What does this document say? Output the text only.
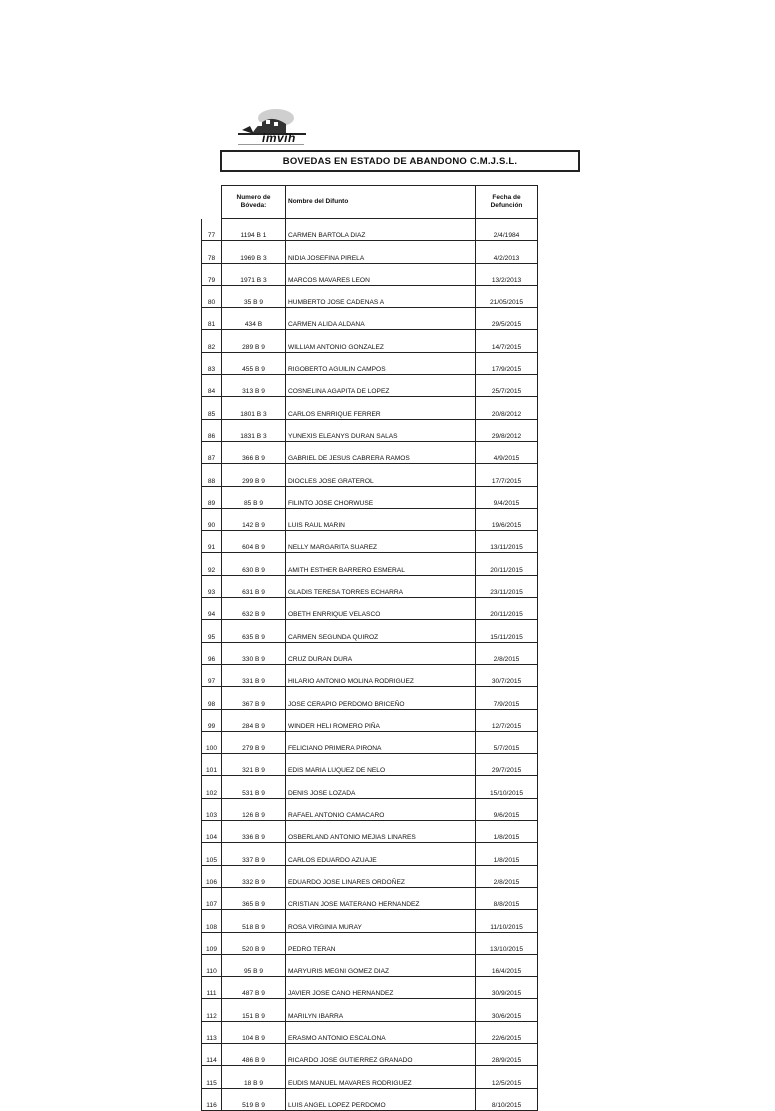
imvih
BOVEDAS EN ESTADO DE ABANDONO C.M.J.S.L.
	Numero de
Bóveda:	Nombre del Difunto	Fecha de
Defunción
77	1194 B 1	CARMEN BARTOLA DIAZ	2/4/1984
78	1969 B 3	NIDIA JOSEFINA PIRELA	4/2/2013
79	1971 B 3	MARCOS MAVARES LEON	13/2/2013
80	35 B 9	HUMBERTO JOSE CADENAS A	21/05/2015
81	434 B	CARMEN ALIDA ALDANA	29/5/2015
82	289 B 9	WILLIAM ANTONIO GONZALEZ	14/7/2015
83	455 B 9	RIGOBERTO AGUILIN CAMPOS	17/9/2015
84	313 B 9	COSNELINA AGAPITA DE LOPEZ	25/7/2015
85	1801 B 3	CARLOS ENRRIQUE FERRER	20/8/2012
86	1831 B 3	YUNEXIS ELEANYS DURAN SALAS	29/8/2012
87	366 B 9	GABRIEL DE JESUS CABRERA RAMOS	4/9/2015
88	299 B 9	DIOCLES JOSE GRATEROL	17/7/2015
89	85 B 9	FILINTO JOSE CHORWUSE	9/4/2015
90	142 B 9	LUIS RAUL MARIN	19/6/2015
91	604 B 9	NELLY MARGARITA SUAREZ	13/11/2015
92	630 B 9	AMITH ESTHER BARRERO ESMERAL	20/11/2015
93	631 B 9	GLADIS TERESA TORRES ECHARRA	23/11/2015
94	632 B 9	OBETH ENRRIQUE VELASCO	20/11/2015
95	635 B 9	CARMEN SEGUNDA QUIROZ	15/11/2015
96	330 B 9	CRUZ DURAN DURA	2/8/2015
97	331 B 9	HILARIO ANTONIO MOLINA RODRIGUEZ	30/7/2015
98	367 B 9	JOSE CERAPIO PERDOMO BRICEÑO	7/9/2015
99	284 B 9	WINDER HELI ROMERO PIÑA	12/7/2015
100	279 B 9	FELICIANO PRIMERA PIRONA	5/7/2015
101	321 B 9	EDIS MARIA LUQUEZ DE NELO	29/7/2015
102	531 B 9	DENIS JOSE LOZADA	15/10/2015
103	126 B 9	RAFAEL ANTONIO CAMACARO	9/6/2015
104	336 B 9	OSBERLAND ANTONIO MEJIAS LINARES	1/8/2015
105	337 B 9	CARLOS EDUARDO AZUAJE	1/8/2015
106	332 B 9	EDUARDO JOSE LINARES ORDOÑEZ	2/8/2015
107	365 B 9	CRISTIAN JOSE MATERANO HERNANDEZ	8/8/2015
108	518 B 9	ROSA VIRGINIA MURAY	11/10/2015
109	520 B 9	PEDRO TERAN	13/10/2015
110	95 B 9	MARYURIS MEGNI GOMEZ DIAZ	16/4/2015
111	487 B 9	JAVIER JOSE CANO HERNANDEZ	30/9/2015
112	151 B 9	MARILYN IBARRA	30/6/2015
113	104 B 9	ERASMO ANTONIO ESCALONA	22/6/2015
114	486 B 9	RICARDO JOSE GUTIERREZ GRANADO	28/9/2015
115	18 B 9	EUDIS MANUEL MAVARES RODRIGUEZ	12/5/2015
116	519 B 9	LUIS ANGEL LOPEZ PERDOMO	8/10/2015
